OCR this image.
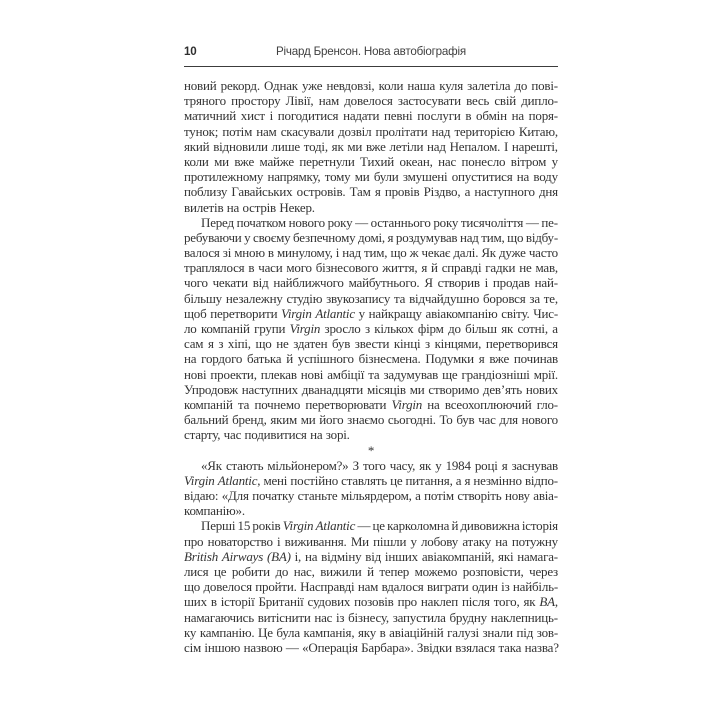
10	Річард Бренсон. Нова автобіографія
новий рекорд. Однак уже невдовзі, коли наша куля залетіла до пові-
тряного простору Лівії, нам довелося застосувати весь свій дипло-
матичний хист і погодитися надати певні послуги в обмін на поря-
тунок; потім нам скасували дозвіл пролітати над територією Китаю,
який відновили лише тоді, як ми вже летіли над Непалом. І нарешті,
коли ми вже майже перетнули Тихий океан, нас понесло вітром у
протилежному напрямку, тому ми були змушені опуститися на воду
поблизу Гавайських островів. Там я провів Різдво, а наступного дня
вилетів на острів Некер.
Перед початком нового року — останнього року тисячоліття — пе-
ребуваючи у своєму безпечному домі, я роздумував над тим, що відбу-
валося зі мною в минулому, і над тим, що ж чекає далі. Як дуже часто
траплялося в часи мого бізнесового життя, я й справді гадки не мав,
чого чекати від найближчого майбутнього. Я створив і продав най-
більшу незалежну студію звукозапису та відчайдушно боровся за те,
щоб перетворити Virgin Atlantic у найкращу авіакомпанію світу. Чис-
ло компаній групи Virgin зросло з кількох фірм до більш як сотні, а
сам я з хіпі, що не здатен був звести кінці з кінцями, перетворився
на гордого батька й успішного бізнесмена. Подумки я вже починав
нові проекти, плекав нові амбіції та задумував ще грандіозніші мрії.
Упродовж наступних дванадцяти місяців ми створимо дев’ять нових
компаній та почнемо перетворювати Virgin на всеохоплюючий гло-
бальний бренд, яким ми його знаємо сьогодні. То був час для нового
старту, час подивитися на зорі.
*
«Як стають мільйонером?» З того часу, як у 1984 році я заснував
Virgin Atlantic, мені постійно ставлять це питання, а я незмінно відпо-
відаю: «Для початку станьте мільярдером, а потім створіть нову авіа-
компанію».
Перші 15 років Virgin Atlantic — це карколомна й дивовижна історія
про новаторство і виживання. Ми пішли у лобову атаку на потужну
British Airways (BA) і, на відміну від інших авіакомпаній, які намага-
лися це робити до нас, вижили й тепер можемо розповісти, через
що довелося пройти. Насправді нам вдалося виграти один із найбіль-
ших в історії Британії судових позовів про наклеп після того, як BA,
намагаючись витіснити нас із бізнесу, запустила брудну наклепниць-
ку кампанію. Це була кампанія, яку в авіаційній галузі знали під зов-
сім іншою назвою — «Операція Барбара». Звідки взялася така назва?
